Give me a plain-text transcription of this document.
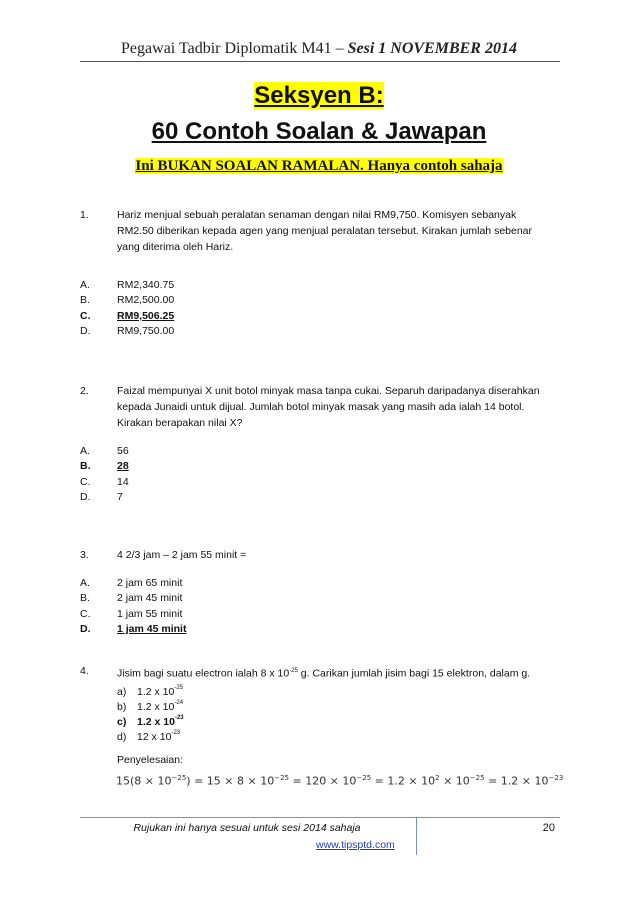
Pegawai Tadbir Diplomatik M41 – Sesi 1 NOVEMBER 2014
Seksyen B:
60 Contoh Soalan & Jawapan
Ini BUKAN SOALAN RAMALAN. Hanya contoh sahaja
1.	Hariz menjual sebuah peralatan senaman dengan nilai RM9,750. Komisyen sebanyak RM2.50 diberikan kepada agen yang menjual peralatan tersebut. Kirakan jumlah sebenar yang diterima oleh Hariz.
A.	RM2,340.75
B.	RM2,500.00
C.	RM9,506.25
D.	RM9,750.00
2.	Faizal mempunyai X unit botol minyak masa tanpa cukai. Separuh daripadanya diserahkan kepada Junaidi untuk dijual. Jumlah botol minyak masak yang masih ada ialah 14 botol. Kirakan berapakan nilai X?
A.	56
B.	28
C.	14
D.	7
3.	4 2/3 jam – 2 jam 55 minit =
A.	2 jam 65 minit
B.	2 jam 45 minit
C.	1 jam 55 minit
D.	1 jam 45 minit
4.	Jisim bagi suatu electron ialah 8 x $10^{-25}$ g. Carikan jumlah jisim bagi 15 elektron, dalam g.
a) 1.2 x $10^{-25}$
b) 1.2 x $10^{-24}$
c) 1.2 x $10^{-23}$
d) 12 x $10^{-23}$
Penyelesaian:
$15(8 \times 10^{-25}) = 15 \times 8 \times 10^{-25} = 120 \times 10^{-25} = 1.2 \times 10^2 \times 10^{-25} = 1.2 \times 10^{-23}$
Rujukan ini hanya sesuai untuk sesi 2014 sahaja
www.tipsptd.com
20
